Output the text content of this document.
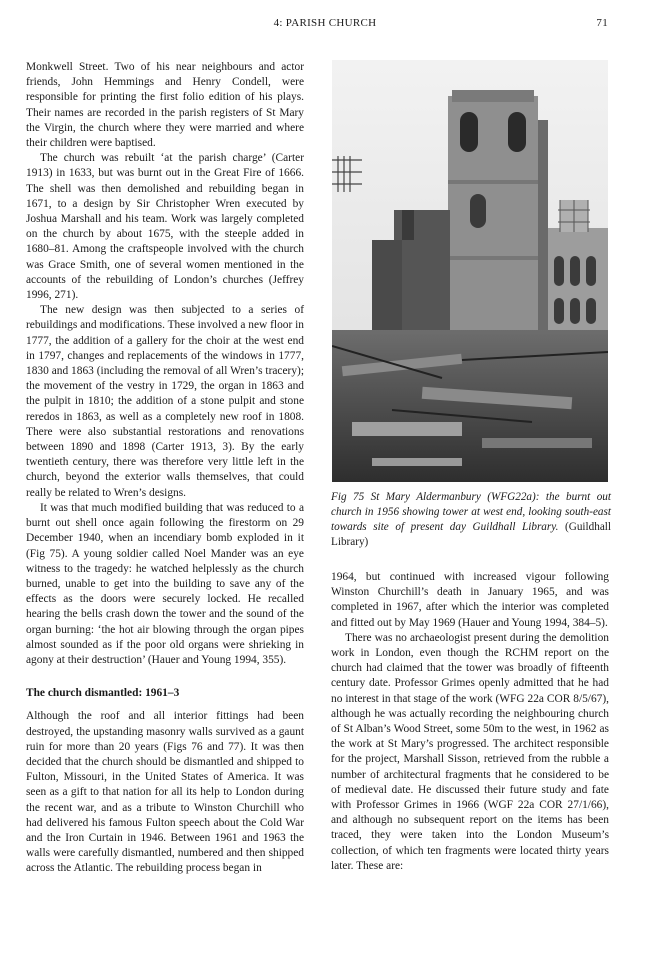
4: PARISH CHURCH	71

Monkwell Street. Two of his near neighbours and actor friends, John Hemmings and Henry Condell, were responsible for printing the first folio edition of his plays. Their names are recorded in the parish registers of St Mary the Virgin, the church where they were married and where their children were baptised.

The church was rebuilt ‘at the parish charge’ (Carter 1913) in 1633, but was burnt out in the Great Fire of 1666. The shell was then demolished and rebuilding began in 1671, to a design by Sir Christopher Wren executed by Joshua Marshall and his team. Work was largely completed on the church by about 1675, with the steeple added in 1680–81. Among the craftspeople involved with the church was Grace Smith, one of several women mentioned in the accounts of the rebuilding of London’s churches (Jeffrey 1996, 271).

The new design was then subjected to a series of rebuildings and modifications. These involved a new floor in 1777, the addition of a gallery for the choir at the west end in 1797, changes and replacements of the windows in 1777, 1830 and 1863 (including the removal of all Wren’s tracery); the movement of the vestry in 1729, the organ in 1863 and the pulpit in 1810; the addition of a stone pulpit and stone reredos in 1863, as well as a completely new roof in 1808. There were also substantial restorations and renovations between 1890 and 1898 (Carter 1913, 3). By the early twentieth century, there was therefore very little left in the church, beyond the exterior walls themselves, that could really be related to Wren’s designs.

It was that much modified building that was reduced to a burnt out shell once again following the firestorm on 29 December 1940, when an incendiary bomb exploded in it (Fig 75). A young soldier called Noel Mander was an eye witness to the tragedy: he watched helplessly as the church burned, unable to get into the building to save any of the effects as the doors were securely locked. He recalled hearing the bells crash down the tower and the sound of the organ burning: ‘the hot air blowing through the organ pipes almost sounded as if the poor old organs were shrieking in agony at their destruction’ (Hauer and Young 1994, 355).

The church dismantled: 1961–3

Although the roof and all interior fittings had been destroyed, the upstanding masonry walls survived as a gaunt ruin for more than 20 years (Figs 76 and 77). It was then decided that the church should be dismantled and shipped to Fulton, Missouri, in the United States of America. It was seen as a gift to that nation for all its help to London during the recent war, and as a tribute to Winston Churchill who had delivered his famous Fulton speech about the Cold War and the Iron Curtain in 1946. Between 1961 and 1963 the walls were carefully dismantled, numbered and then shipped across the Atlantic. The rebuilding process began in

Fig 75 St Mary Aldermanbury (WFG22a): the burnt out church in 1956 showing tower at west end, looking south-east towards site of present day Guildhall Library. (Guildhall Library)

1964, but continued with increased vigour following Winston Churchill’s death in January 1965, and was completed in 1967, after which the interior was completed and fitted out by May 1969 (Hauer and Young 1994, 384–5).

There was no archaeologist present during the demolition work in London, even though the RCHM report on the church had claimed that the tower was broadly of fifteenth century date. Professor Grimes openly admitted that he had no interest in that stage of the work (WFG 22a COR 8/5/67), although he was actually recording the neighbouring church of St Alban’s Wood Street, some 50m to the west, in 1962 as the work at St Mary’s progressed. The architect responsible for the project, Marshall Sisson, retrieved from the rubble a number of architectural fragments that he considered to be of medieval date. He discussed their future study and fate with Professor Grimes in 1966 (WGF 22a COR 27/1/66), and although no subsequent report on the items has been traced, they were taken into the London Museum’s collection, of which ten fragments were located thirty years later. These are:
